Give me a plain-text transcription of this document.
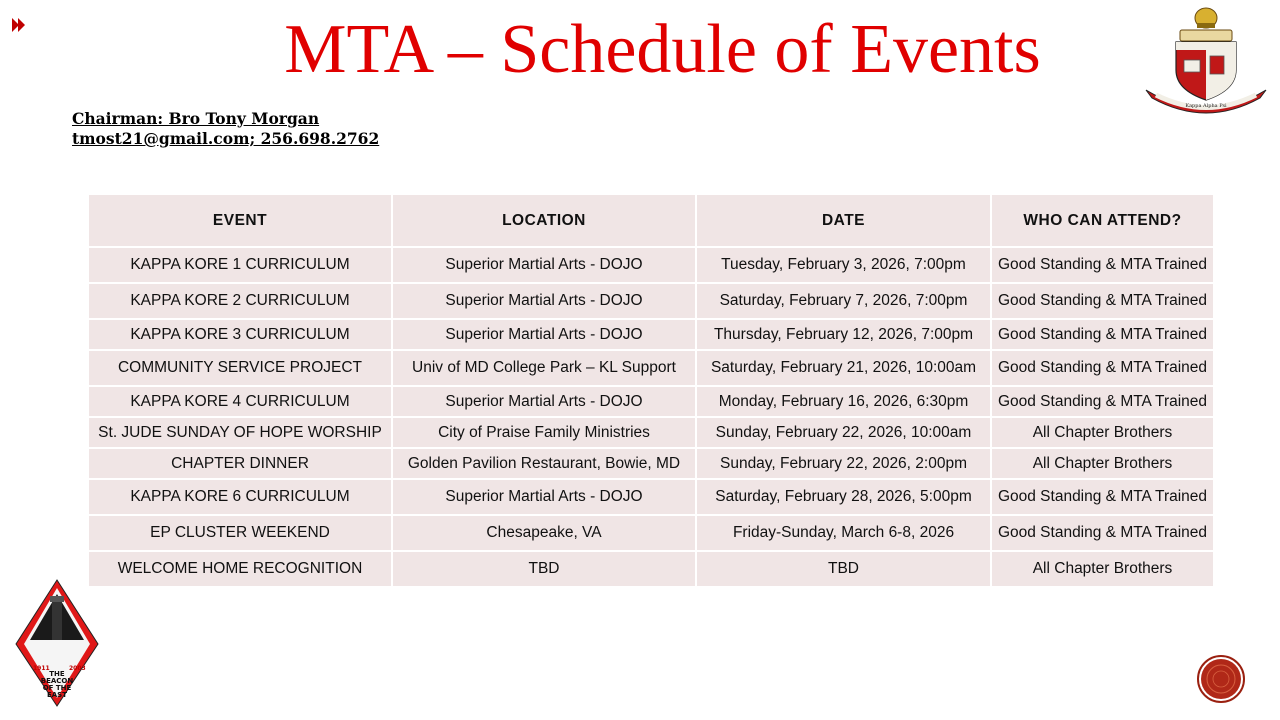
MTA – Schedule of Events
Chairman: Bro Tony Morgan
tmost21@gmail.com; 256.698.2762
Kappa Alpha Psi
1911	2003
THE
BEACON
OF THE
EAST
EVENT	LOCATION	DATE	WHO CAN ATTEND?
KAPPA KORE 1 CURRICULUM	Superior Martial Arts - DOJO	Tuesday, February 3, 2026, 7:00pm	Good Standing & MTA Trained
KAPPA KORE 2 CURRICULUM	Superior Martial Arts - DOJO	Saturday, February 7, 2026, 7:00pm	Good Standing & MTA Trained
KAPPA KORE 3 CURRICULUM	Superior Martial Arts - DOJO	Thursday, February 12, 2026, 7:00pm	Good Standing & MTA Trained
COMMUNITY SERVICE PROJECT	Univ of MD College Park – KL Support	Saturday, February 21, 2026, 10:00am	Good Standing & MTA Trained
KAPPA KORE 4 CURRICULUM	Superior Martial Arts - DOJO	Monday, February 16, 2026, 6:30pm	Good Standing & MTA Trained
St. JUDE SUNDAY OF HOPE WORSHIP	City of Praise Family Ministries	Sunday, February 22, 2026, 10:00am	All Chapter Brothers
CHAPTER DINNER	Golden Pavilion Restaurant, Bowie, MD	Sunday, February 22, 2026, 2:00pm	All Chapter Brothers
KAPPA KORE 6 CURRICULUM	Superior Martial Arts - DOJO	Saturday, February 28, 2026, 5:00pm	Good Standing & MTA Trained
EP CLUSTER WEEKEND	Chesapeake, VA	Friday-Sunday, March 6-8, 2026	Good Standing & MTA Trained
WELCOME HOME RECOGNITION	TBD	TBD	All Chapter Brothers
